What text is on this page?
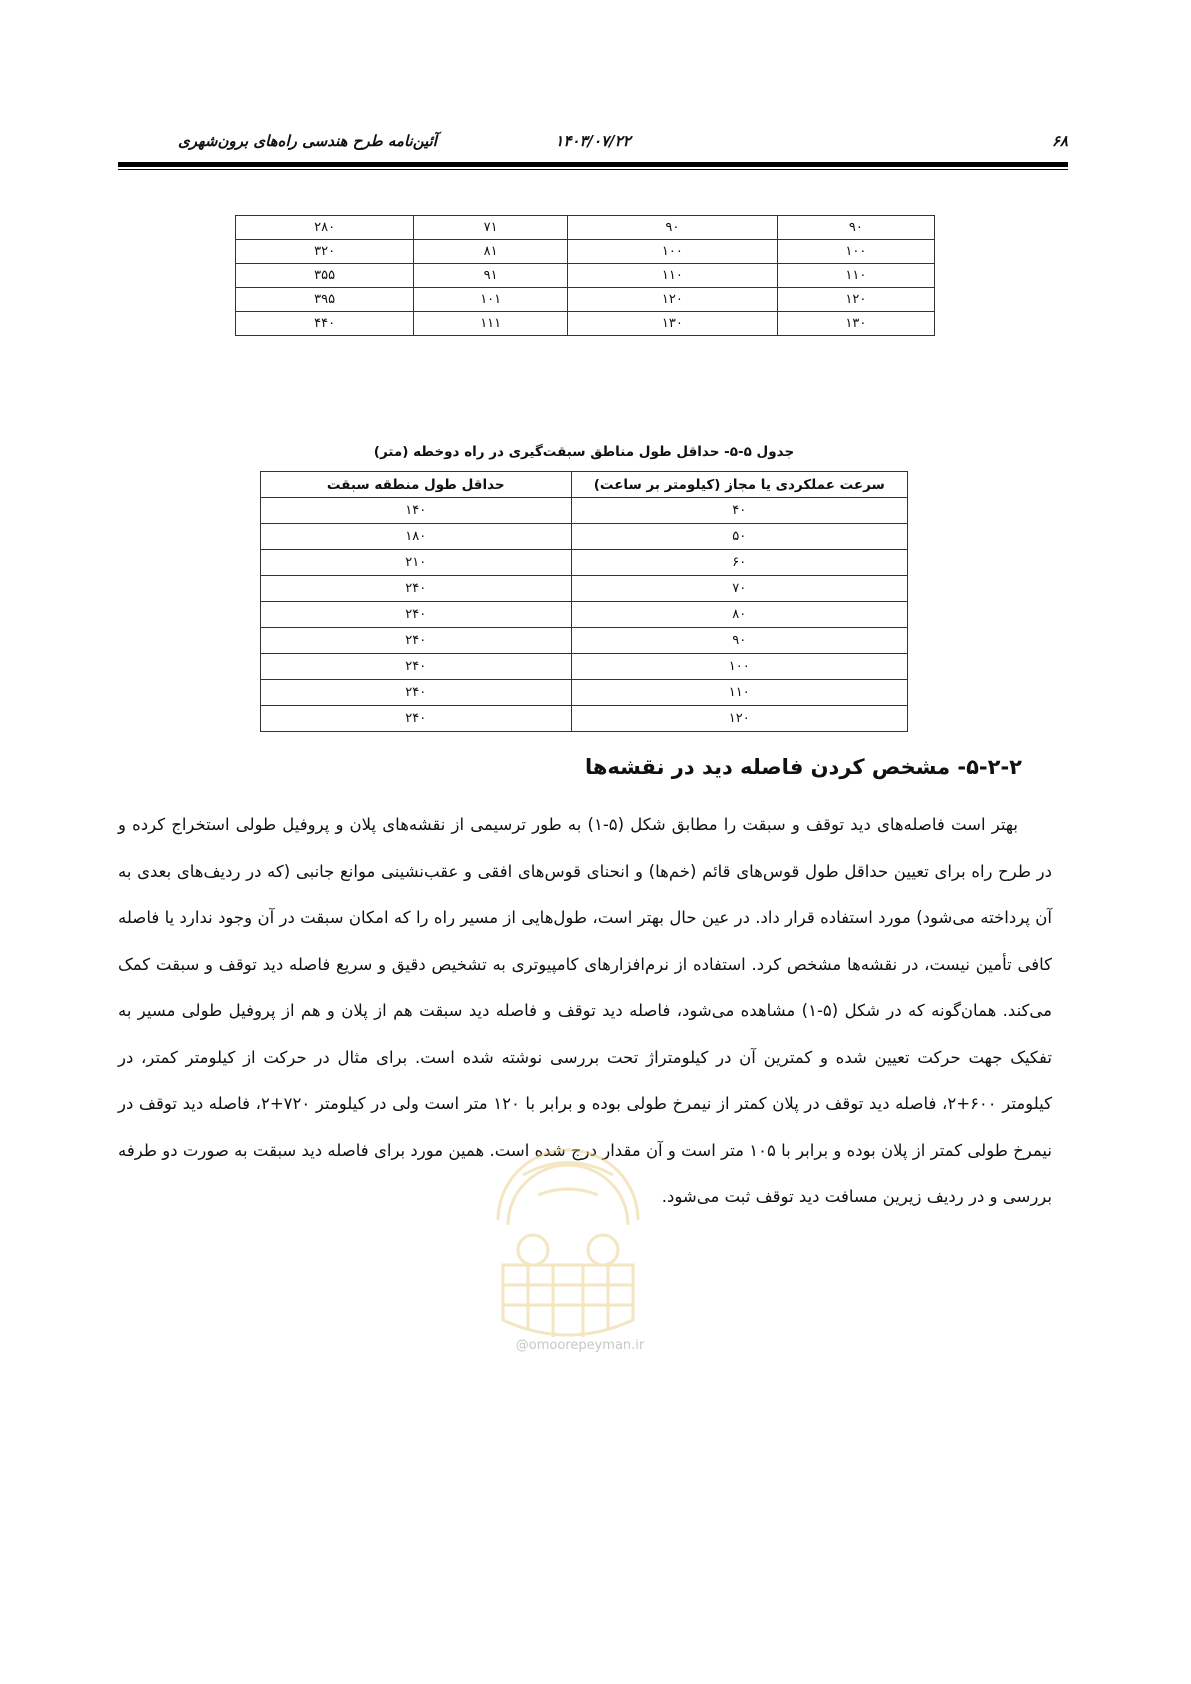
۶۸
۱۴۰۳/۰۷/۲۲
آئین‌نامه طرح هندسی راه‌های برون‌شهری
۹۰	۹۰	۷۱	۲۸۰
۱۰۰	۱۰۰	۸۱	۳۲۰
۱۱۰	۱۱۰	۹۱	۳۵۵
۱۲۰	۱۲۰	۱۰۱	۳۹۵
۱۳۰	۱۳۰	۱۱۱	۴۴۰
جدول ۵-۵- حداقل طول مناطق سبقت‌گیری در راه دوخطه (متر)
سرعت عملکردی یا مجاز (کیلومتر بر ساعت)	حداقل طول منطقه سبقت
۴۰	۱۴۰
۵۰	۱۸۰
۶۰	۲۱۰
۷۰	۲۴۰
۸۰	۲۴۰
۹۰	۲۴۰
۱۰۰	۲۴۰
۱۱۰	۲۴۰
۱۲۰	۲۴۰
۵-۲-۲- مشخص کردن فاصله دید در نقشه‌ها
بهتر است فاصله‌های دید توقف و سبقت را مطابق شکل (۵-۱) به طور ترسیمی از نقشه‌های پلان و پروفیل طولی استخراج کرده و در طرح راه برای تعیین حداقل طول قوس‌های قائم (خم‌ها) و انحنای قوس‌های افقی و عقب‌نشینی موانع جانبی (که در ردیف‌های بعدی به آن پرداخته می‌شود) مورد استفاده قرار داد. در عین حال بهتر است، طول‌هایی از مسیر راه را که امکان سبقت در آن وجود ندارد یا فاصله کافی تأمین نیست، در نقشه‌ها مشخص کرد. استفاده از نرم‌افزارهای کامپیوتری به تشخیص دقیق و سریع فاصله دید توقف و سبقت کمک می‌کند. همان‌گونه که در شکل (۵-۱) مشاهده می‌شود، فاصله دید توقف و فاصله دید سبقت هم از پلان و هم از پروفیل طولی مسیر به تفکیک جهت حرکت تعیین شده و کمترین آن در کیلومتراژ تحت بررسی نوشته شده است. برای مثال در حرکت از کیلومتر کمتر، در کیلومتر ۶۰۰+۲، فاصله دید توقف در پلان کمتر از نیمرخ طولی بوده و برابر با ۱۲۰ متر است ولی در کیلومتر ۷۲۰+۲، فاصله دید توقف در نیمرخ طولی کمتر از پلان بوده و برابر با ۱۰۵ متر است و آن مقدار درج شده است. همین مورد برای فاصله دید سبقت به صورت دو طرفه بررسی و در ردیف زیرین مسافت دید توقف ثبت می‌شود.
@omoorepeyman.ir
